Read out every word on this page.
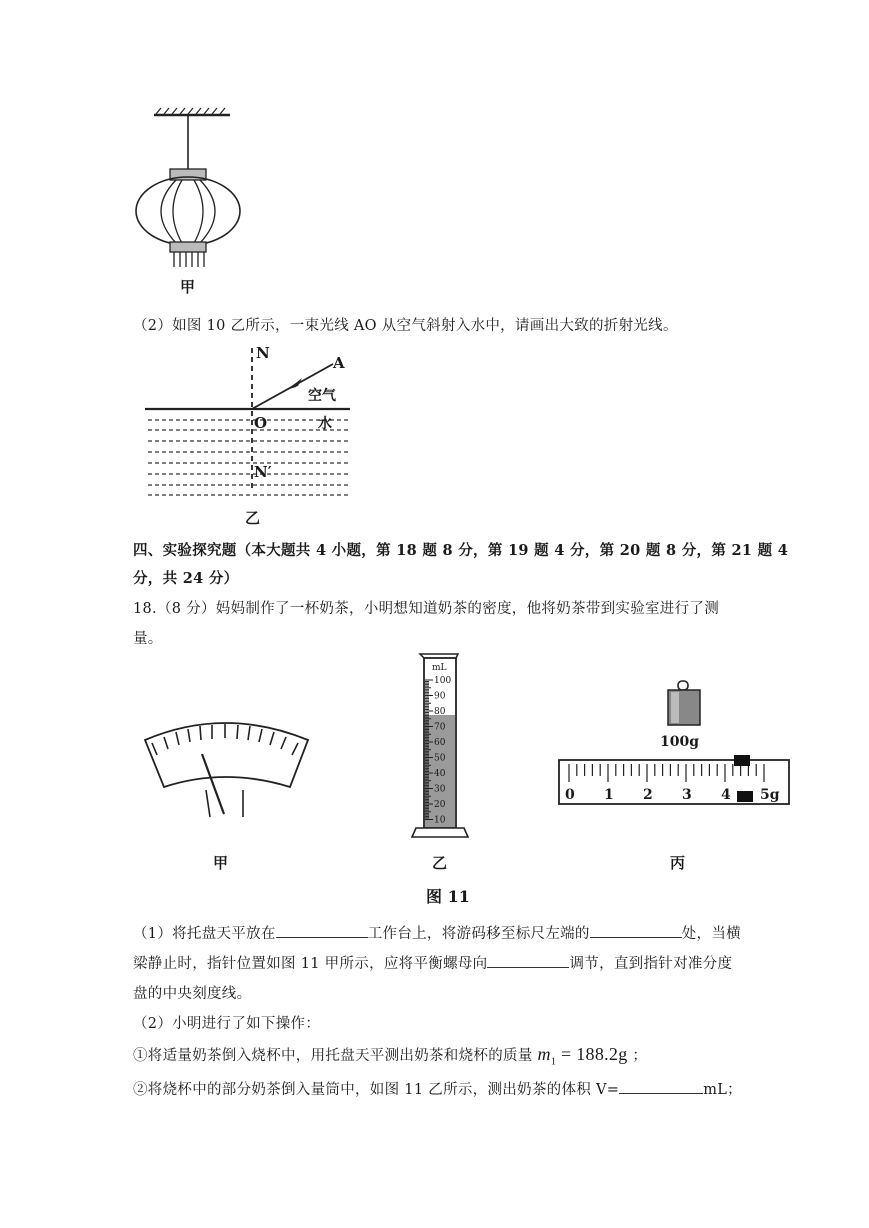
甲
（2）如图 10 乙所示，一束光线 AO 从空气斜射入水中，请画出大致的折射光线。
N
A
空气
O	水
N′
乙
四、实验探究题（本大题共 4 小题，第 18 题 8 分，第 19 题 4 分，第 20 题 8 分，第 21 题 4
分，共 24 分）
18.（8 分）妈妈制作了一杯奶茶，小明想知道奶茶的密度，他将奶茶带到实验室进行了测
量。
甲
mL
100
90
80
70
60
50
40
30
20
10
乙
100g
0 1 2 3 4 5g
丙
图 11
（1）将托盘天平放在	工作台上，将游码移至标尺左端的	处，当横
梁静止时，指针位置如图 11 甲所示，应将平衡螺母向	调节，直到指针对准分度
盘的中央刻度线。
（2）小明进行了如下操作：
①将适量奶茶倒入烧杯中，用托盘天平测出奶茶和烧杯的质量 $m_1 = 188.2g$ ；
②将烧杯中的部分奶茶倒入量筒中，如图 11 乙所示，测出奶茶的体积 V=	mL；
